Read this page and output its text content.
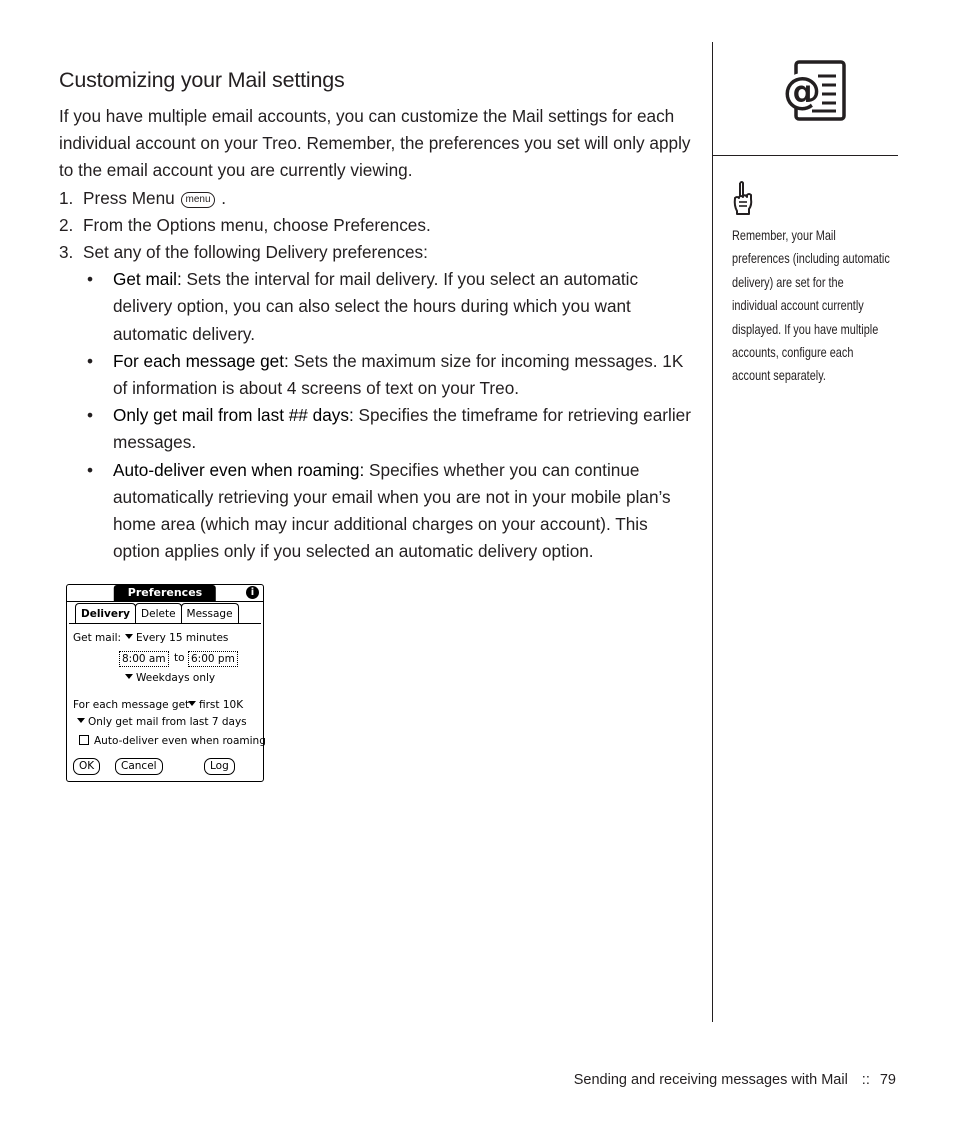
Customizing your Mail settings
If you have multiple email accounts, you can customize the Mail settings for each individual account on your Treo. Remember, the preferences you set will only apply to the email account you are currently viewing.
1. Press Menu menu .
2. From the Options menu, choose Preferences.
3. Set any of the following Delivery preferences:
• Get mail: Sets the interval for mail delivery. If you select an automatic delivery option, you can also select the hours during which you want automatic delivery.
• For each message get: Sets the maximum size for incoming messages. 1K of information is about 4 screens of text on your Treo.
• Only get mail from last ## days: Specifies the timeframe for retrieving earlier messages.
• Auto-deliver even when roaming: Specifies whether you can continue automatically retrieving your email when you are not in your mobile plan’s home area (which may incur additional charges on your account). This option applies only if you selected an automatic delivery option.
Preferences	i
Delivery	Delete	Message
Get mail:	Every 15 minutes
8:00 am to 6:00 pm
Weekdays only
For each message get first 10K
Only get mail from last 7 days
Auto-deliver even when roaming
OK	Cancel	Log
@
Remember, your Mail preferences (including automatic delivery) are set for the individual account currently displayed. If you have multiple accounts, configure each account separately.
Sending and receiving messages with Mail :: 79
